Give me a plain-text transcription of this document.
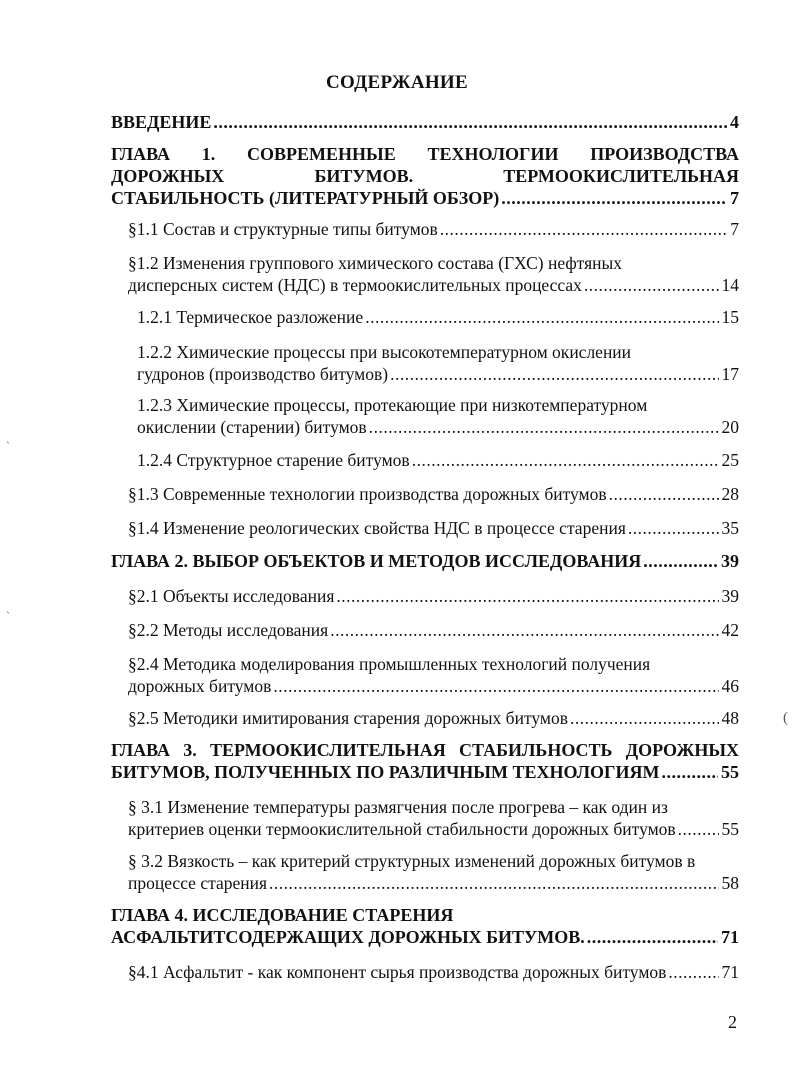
СОДЕРЖАНИЕ
ВВЕДЕНИЕ .....	4
ГЛАВА 1. СОВРЕМЕННЫЕ ТЕХНОЛОГИИ ПРОИЗВОДСТВА
ДОРОЖНЫХ БИТУМОВ. ТЕРМООКИСЛИТЕЛЬНАЯ
СТАБИЛЬНОСТЬ (ЛИТЕРАТУРНЫЙ ОБЗОР) .....	7
§1.1 Состав и структурные типы битумов .....	7
§1.2 Изменения группового химического состава (ГХС) нефтяных
дисперсных систем (НДС) в термоокислительных процессах .....	14
1.2.1 Термическое разложение .....	15
1.2.2 Химические процессы при высокотемпературном окислении
гудронов (производство битумов) .....	17
1.2.3 Химические процессы, протекающие при низкотемпературном
окислении (старении) битумов .....	20
1.2.4 Структурное старение битумов .....	25
§1.3 Современные технологии производства дорожных битумов .....	28
§1.4 Изменение реологических свойства НДС в процессе старения .....	35
ГЛАВА 2. ВЫБОР ОБЪЕКТОВ И МЕТОДОВ ИССЛЕДОВАНИЯ .....	39
§2.1 Объекты исследования .....	39
§2.2 Методы исследования .....	42
§2.4 Методика моделирования промышленных технологий получения
дорожных битумов .....	46
§2.5 Методики имитирования старения дорожных битумов .....	48
ГЛАВА 3. ТЕРМООКИСЛИТЕЛЬНАЯ СТАБИЛЬНОСТЬ ДОРОЖНЫХ
БИТУМОВ, ПОЛУЧЕННЫХ ПО РАЗЛИЧНЫМ ТЕХНОЛОГИЯМ .....	55
§ 3.1 Изменение температуры размягчения после прогрева – как один из
критериев оценки термоокислительной стабильности дорожных битумов .....	55
§ 3.2 Вязкость – как критерий структурных изменений дорожных битумов в
процессе старения .....	58
ГЛАВА 4. ИССЛЕДОВАНИЕ СТАРЕНИЯ
АСФАЛЬТИТСОДЕРЖАЩИХ ДОРОЖНЫХ БИТУМОВ. .....	71
§4.1 Асфальтит - как компонент сырья производства дорожных битумов .....	71
ˎ
ˎ
(
2
